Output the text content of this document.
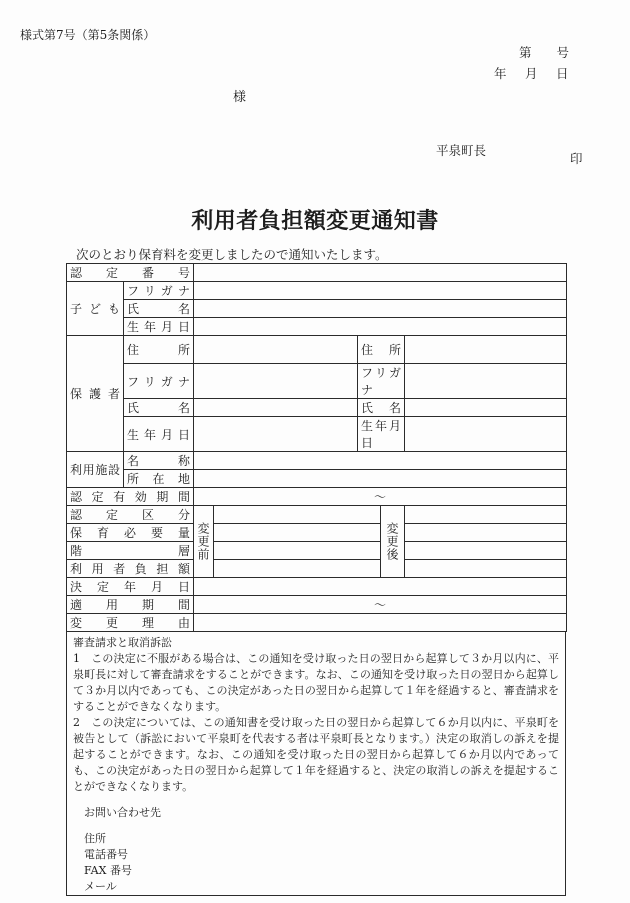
様式第7号（第5条関係）
第　　号
年　月　日
様
平泉町長
印
利用者負担額変更通知書
次のとおり保育料を変更しましたので通知いたします。
認定番号						
子ども	フリガナ					
	氏名					
	生年月日					
保護者	住所			住所		
	フリガナ			フリガナ		
	氏名			氏名		
	生年月日			生年月日		
利用施設	名称					
	所在地					
認定有効期間		～				
認定区分		変更前			変更後	
保育必要量						
階層						
利用者負担額						
決定年月日						
適用期間		～				
変更理由						
審査請求と取消訴訟

1　この決定に不服がある場合は、この通知を受け取った日の翌日から起算して３か月以内に、平泉町長に対して審査請求をすることができます。なお、この通知を受け取った日の翌日から起算して３か月以内であっても、この決定があった日の翌日から起算して１年を経過すると、審査請求をすることができなくなります。

2　この決定については、この通知書を受け取った日の翌日から起算して６か月以内に、平泉町を被告として（訴訟において平泉町を代表する者は平泉町長となります。）決定の取消しの訴えを提起することができます。なお、この通知を受け取った日の翌日から起算して６か月以内であっても、この決定があった日の翌日から起算して１年を経過すると、決定の取消しの訴えを提起することができなくなります。

お問い合わせ先
住所
電話番号
FAX 番号
メール
